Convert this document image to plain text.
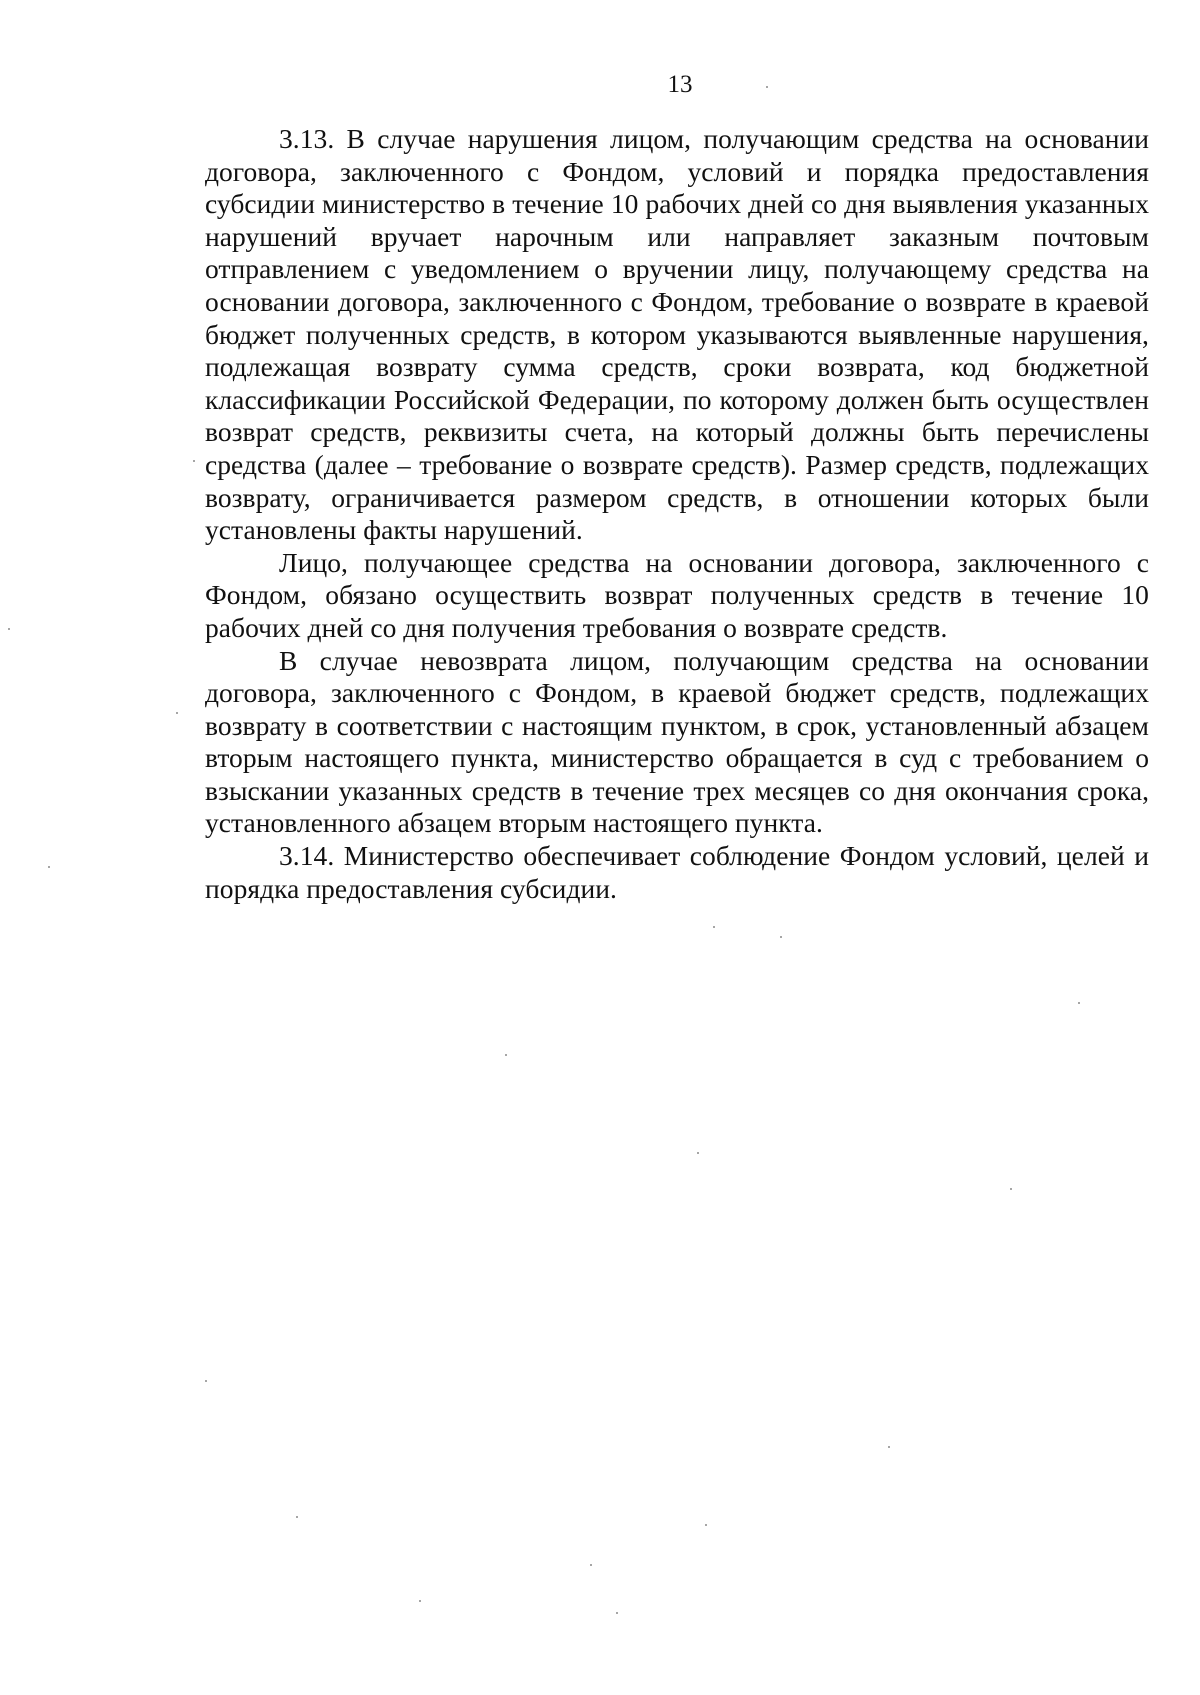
13

3.13. В случае нарушения лицом, получающим средства на основании договора, заключенного с Фондом, условий и порядка предоставления субсидии министерство в течение 10 рабочих дней со дня выявления указанных нарушений вручает нарочным или направляет заказным почтовым отправлением с уведомлением о вручении лицу, получающему средства на основании договора, заключенного с Фондом, требование о возврате в краевой бюджет полученных средств, в котором указываются выявленные нарушения, подлежащая возврату сумма средств, сроки возврата, код бюджетной классификации Российской Федерации, по которому должен быть осуществлен возврат средств, реквизиты счета, на который должны быть перечислены средства (далее – требование о возврате средств). Размер средств, подлежащих возврату, ограничивается размером средств, в отношении которых были установлены факты нарушений.

Лицо, получающее средства на основании договора, заключенного с Фондом, обязано осуществить возврат полученных средств в течение 10 рабочих дней со дня получения требования о возврате средств.

В случае невозврата лицом, получающим средства на основании договора, заключенного с Фондом, в краевой бюджет средств, подлежащих возврату в соответствии с настоящим пунктом, в срок, установленный абзацем вторым настоящего пункта, министерство обращается в суд с требованием о взыскании указанных средств в течение трех месяцев со дня окончания срока, установленного абзацем вторым настоящего пункта.

3.14. Министерство обеспечивает соблюдение Фондом условий, целей и порядка предоставления субсидии.
